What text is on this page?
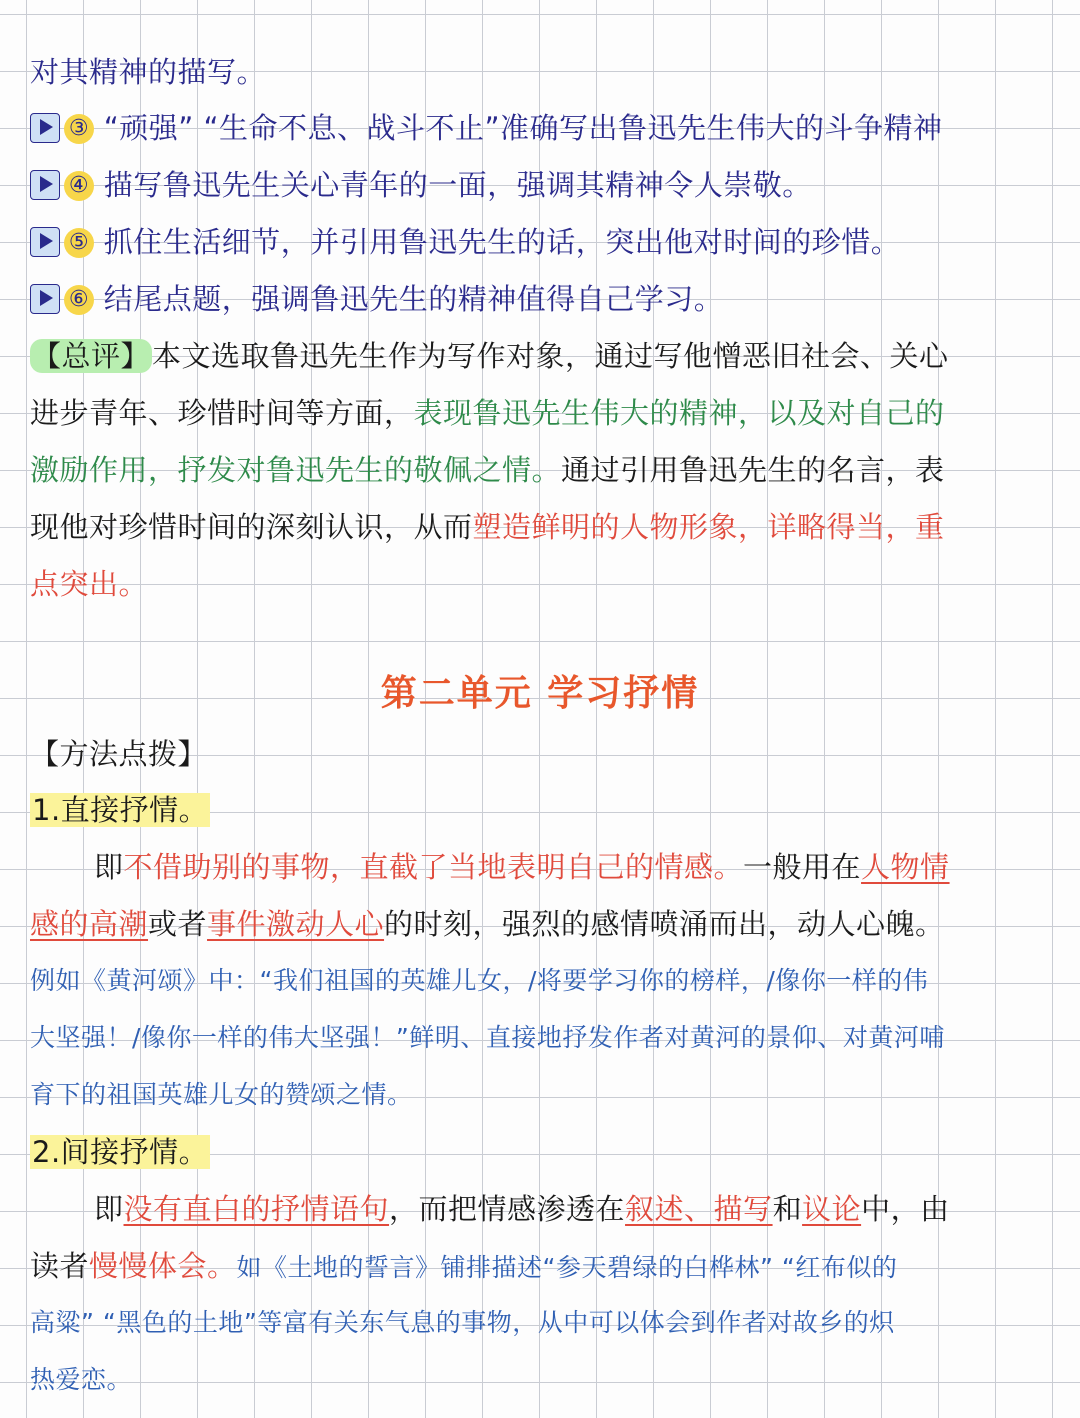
对其精神的描写。
③ “顽强” “生命不息、战斗不止”准确写出鲁迅先生伟大的斗争精神
④ 描写鲁迅先生关心青年的一面，强调其精神令人崇敬。
⑤ 抓住生活细节，并引用鲁迅先生的话，突出他对时间的珍惜。
⑥ 结尾点题，强调鲁迅先生的精神值得自己学习。
【总评】本文选取鲁迅先生作为写作对象，通过写他憎恶旧社会、关心
进步青年、珍惜时间等方面，表现鲁迅先生伟大的精神，以及对自己的
激励作用，抒发对鲁迅先生的敬佩之情。通过引用鲁迅先生的名言，表
现他对珍惜时间的深刻认识，从而塑造鲜明的人物形象，详略得当，重
点突出。
第二单元 学习抒情
【方法点拨】
1.直接抒情。
即不借助别的事物，直截了当地表明自己的情感。一般用在人物情
感的高潮或者事件激动人心的时刻，强烈的感情喷涌而出，动人心魄。
例如《黄河颂》中：“我们祖国的英雄儿女，/将要学习你的榜样，/像你一样的伟
大坚强！/像你一样的伟大坚强！”鲜明、直接地抒发作者对黄河的景仰、对黄河哺
育下的祖国英雄儿女的赞颂之情。
2.间接抒情。
即没有直白的抒情语句，而把情感渗透在叙述、描写和议论中，由
读者慢慢体会。如《土地的誓言》铺排描述“参天碧绿的白桦林” “红布似的
高粱” “黑色的土地”等富有关东气息的事物，从中可以体会到作者对故乡的炽
热爱恋。
